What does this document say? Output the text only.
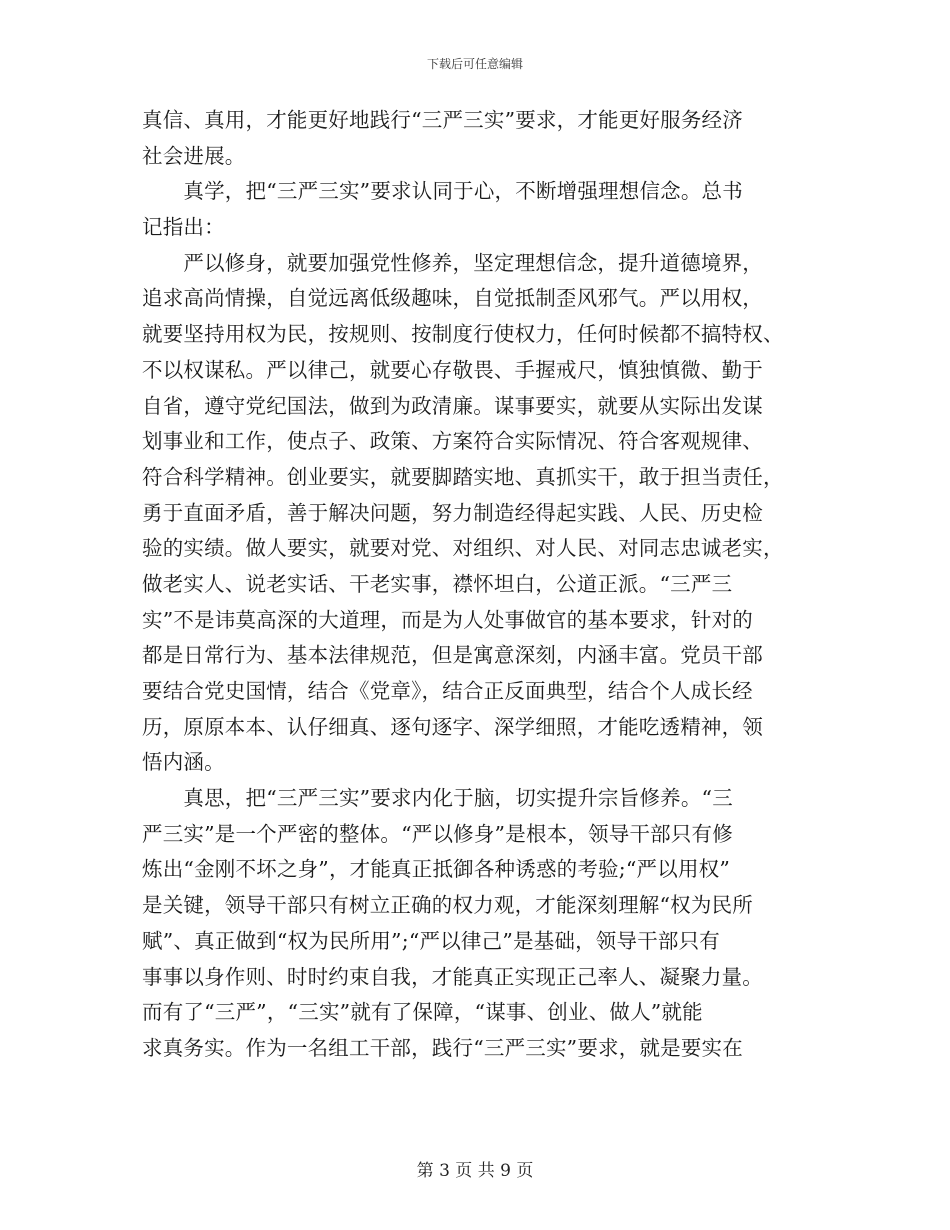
下载后可任意编辑
真信、真用，才能更好地践行“三严三实”要求，才能更好服务经济
社会进展。
　　真学，把“三严三实”要求认同于心，不断增强理想信念。总书
记指出：
　　严以修身，就要加强党性修养，坚定理想信念，提升道德境界，
追求高尚情操，自觉远离低级趣味，自觉抵制歪风邪气。严以用权，
就要坚持用权为民，按规则、按制度行使权力，任何时候都不搞特权、
不以权谋私。严以律己，就要心存敬畏、手握戒尺，慎独慎微、勤于
自省，遵守党纪国法，做到为政清廉。谋事要实，就要从实际出发谋
划事业和工作，使点子、政策、方案符合实际情况、符合客观规律、
符合科学精神。创业要实，就要脚踏实地、真抓实干，敢于担当责任，
勇于直面矛盾，善于解决问题，努力制造经得起实践、人民、历史检
验的实绩。做人要实，就要对党、对组织、对人民、对同志忠诚老实，
做老实人、说老实话、干老实事，襟怀坦白，公道正派。“三严三
实”不是讳莫高深的大道理，而是为人处事做官的基本要求，针对的
都是日常行为、基本法律规范，但是寓意深刻，内涵丰富。党员干部
要结合党史国情，结合《党章》，结合正反面典型，结合个人成长经
历，原原本本、认仔细真、逐句逐字、深学细照，才能吃透精神，领
悟内涵。
　　真思，把“三严三实”要求内化于脑，切实提升宗旨修养。“三
严三实”是一个严密的整体。“严以修身”是根本，领导干部只有修
炼出“金刚不坏之身”，才能真正抵御各种诱惑的考验;“严以用权”
是关键，领导干部只有树立正确的权力观，才能深刻理解“权为民所
赋”、真正做到“权为民所用”;“严以律己”是基础，领导干部只有
事事以身作则、时时约束自我，才能真正实现正己率人、凝聚力量。
而有了“三严”，“三实”就有了保障，“谋事、创业、做人”就能
求真务实。作为一名组工干部，践行“三严三实”要求，就是要实在
第 3 页 共 9 页
